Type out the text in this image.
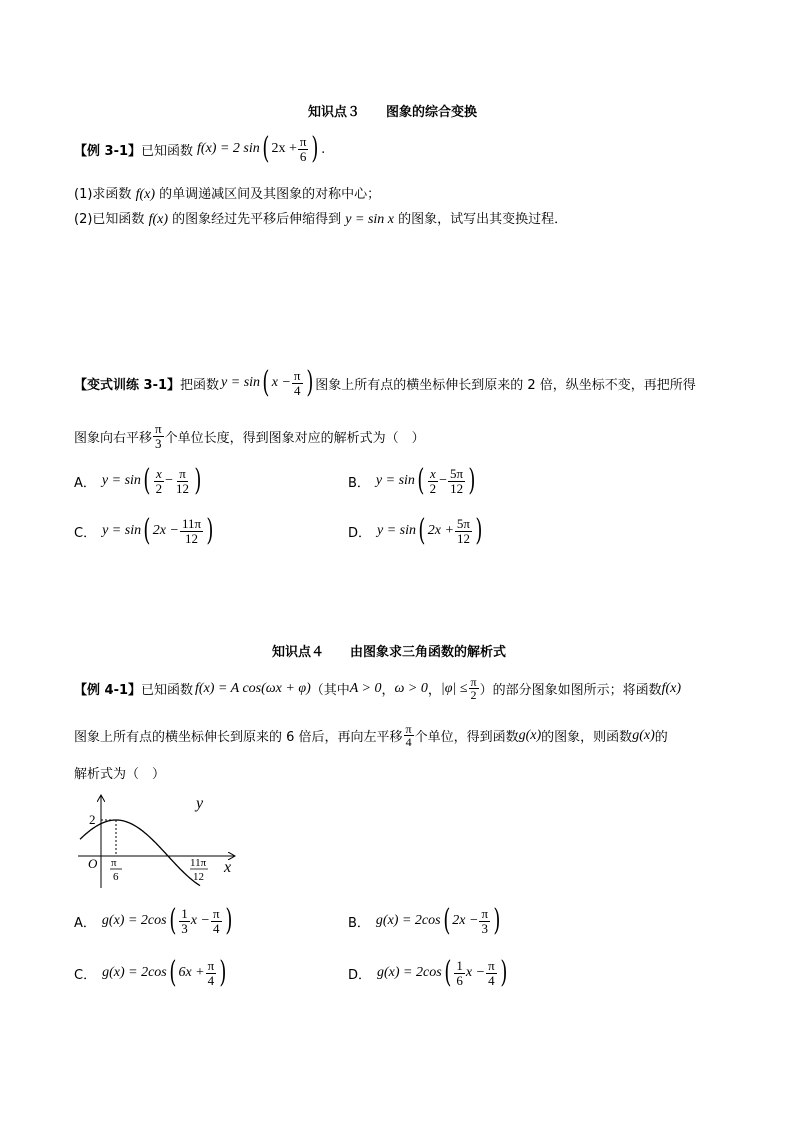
知识点３　　图象的综合变换
【例 3-1】 已知函数 f(x) = 2 sin ( $2x + \frac{\pi}{6}$ ) .
(1)求函数 f(x) 的单调递减区间及其图象的对称中心；
(2)已知函数 f(x) 的图象经过先平移后伸缩得到 y = sin x 的图象，试写出其变换过程．
【变式训练 3-1】 把函数 y = sin ( $x - \frac{\pi}{4}$ ) 图象上所有点的横坐标伸长到原来的 2 倍，纵坐标不变，再把所得
图象向右平移 $\frac{\pi}{3}$ 个单位长度，得到图象对应的解析式为（　）
A． y = sin ( $\frac{x}{2} - \frac{\pi}{12}$ )	B． y = sin ( $\frac{x}{2} - \frac{5\pi}{12}$ )
C． y = sin ( $2x - \frac{11\pi}{12}$ )	D． y = sin ( $2x + \frac{5\pi}{12}$ )
知识点４　　由图象求三角函数的解析式
【例 4-1】 已知函数 f(x) = A cos(ωx + φ) （其中 A > 0 ， ω > 0 ， $|\varphi| \le \frac{\pi}{2}$ ）的部分图象如图所示；将函数 f(x)
图象上所有点的横坐标伸长到原来的 6 倍后，再向左平移 $\frac{\pi}{4}$ 个单位，得到函数 g(x) 的图象，则函数 g(x) 的
解析式为（　）
y
x
O
2
π
6
11π
12
A． g(x) = 2cos ( $\frac{1}{3}$ $x - \frac{\pi}{4}$ )	B． g(x) = 2cos ( $2x - \frac{\pi}{3}$ )
C． g(x) = 2cos ( $6x + \frac{\pi}{4}$ )	D． g(x) = 2cos ( $\frac{1}{6}$ $x - \frac{\pi}{4}$ )
